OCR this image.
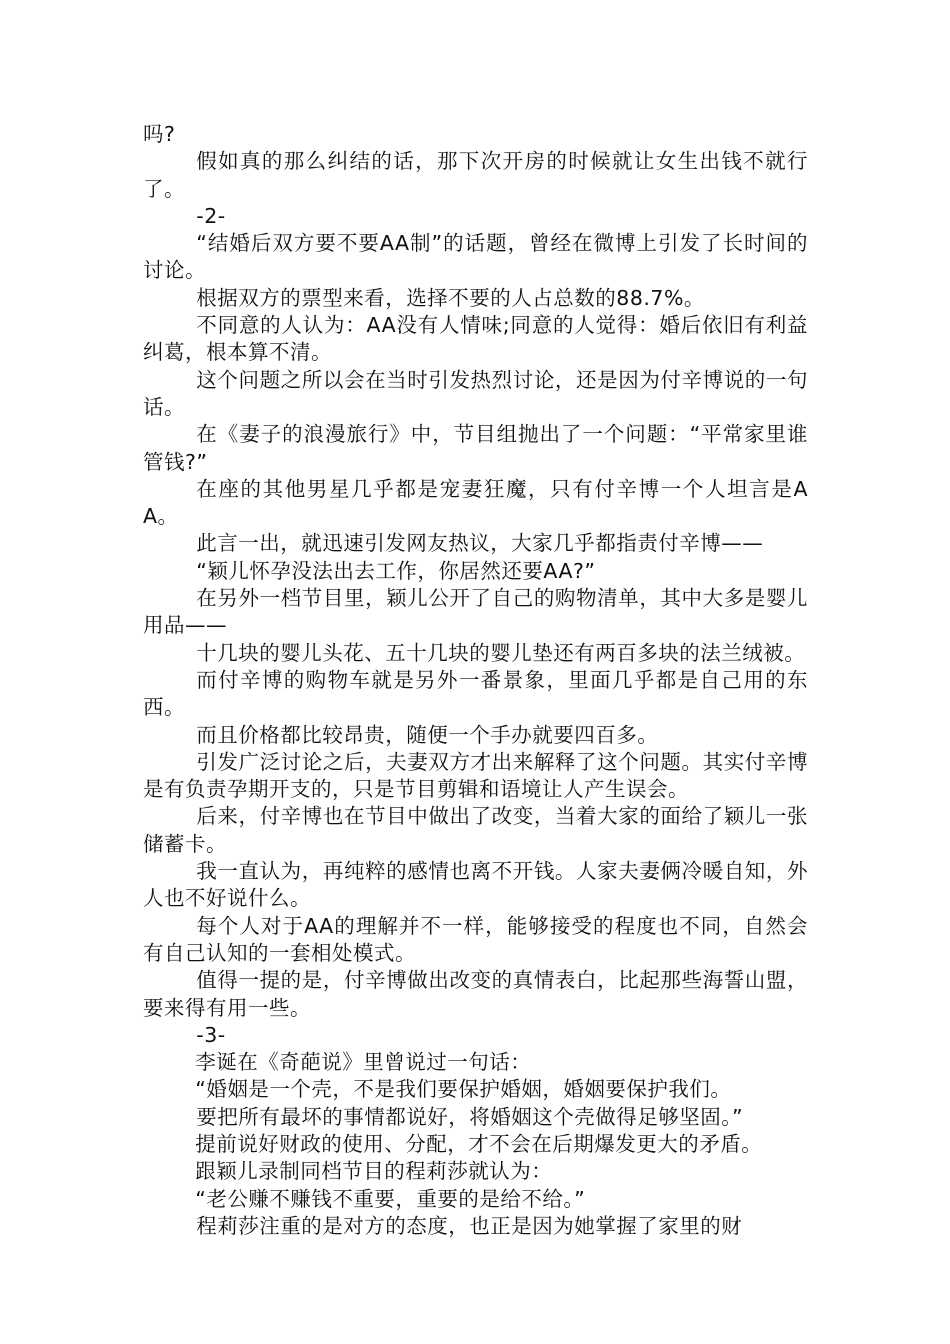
吗?

假如真的那么纠结的话，那下次开房的时候就让女生出钱不就行了。

-2-

“结婚后双方要不要AA制”的话题，曾经在微博上引发了长时间的讨论。

根据双方的票型来看，选择不要的人占总数的88.7%。

不同意的人认为：AA没有人情味;同意的人觉得：婚后依旧有利益纠葛，根本算不清。

这个问题之所以会在当时引发热烈讨论，还是因为付辛博说的一句话。

在《妻子的浪漫旅行》中，节目组抛出了一个问题：“平常家里谁管钱?”

在座的其他男星几乎都是宠妻狂魔，只有付辛博一个人坦言是AA。

此言一出，就迅速引发网友热议，大家几乎都指责付辛博——

“颖儿怀孕没法出去工作，你居然还要AA?”

在另外一档节目里，颖儿公开了自己的购物清单，其中大多是婴儿用品——

十几块的婴儿头花、五十几块的婴儿垫还有两百多块的法兰绒被。

而付辛博的购物车就是另外一番景象，里面几乎都是自己用的东西。

而且价格都比较昂贵，随便一个手办就要四百多。

引发广泛讨论之后，夫妻双方才出来解释了这个问题。其实付辛博是有负责孕期开支的，只是节目剪辑和语境让人产生误会。

后来，付辛博也在节目中做出了改变，当着大家的面给了颖儿一张储蓄卡。

我一直认为，再纯粹的感情也离不开钱。人家夫妻俩冷暖自知，外人也不好说什么。

每个人对于AA的理解并不一样，能够接受的程度也不同，自然会有自己认知的一套相处模式。

值得一提的是，付辛博做出改变的真情表白，比起那些海誓山盟，要来得有用一些。

-3-

李诞在《奇葩说》里曾说过一句话：

“婚姻是一个壳，不是我们要保护婚姻，婚姻要保护我们。

要把所有最坏的事情都说好，将婚姻这个壳做得足够坚固。”

提前说好财政的使用、分配，才不会在后期爆发更大的矛盾。

跟颖儿录制同档节目的程莉莎就认为：

“老公赚不赚钱不重要，重要的是给不给。”

程莉莎注重的是对方的态度，也正是因为她掌握了家里的财
